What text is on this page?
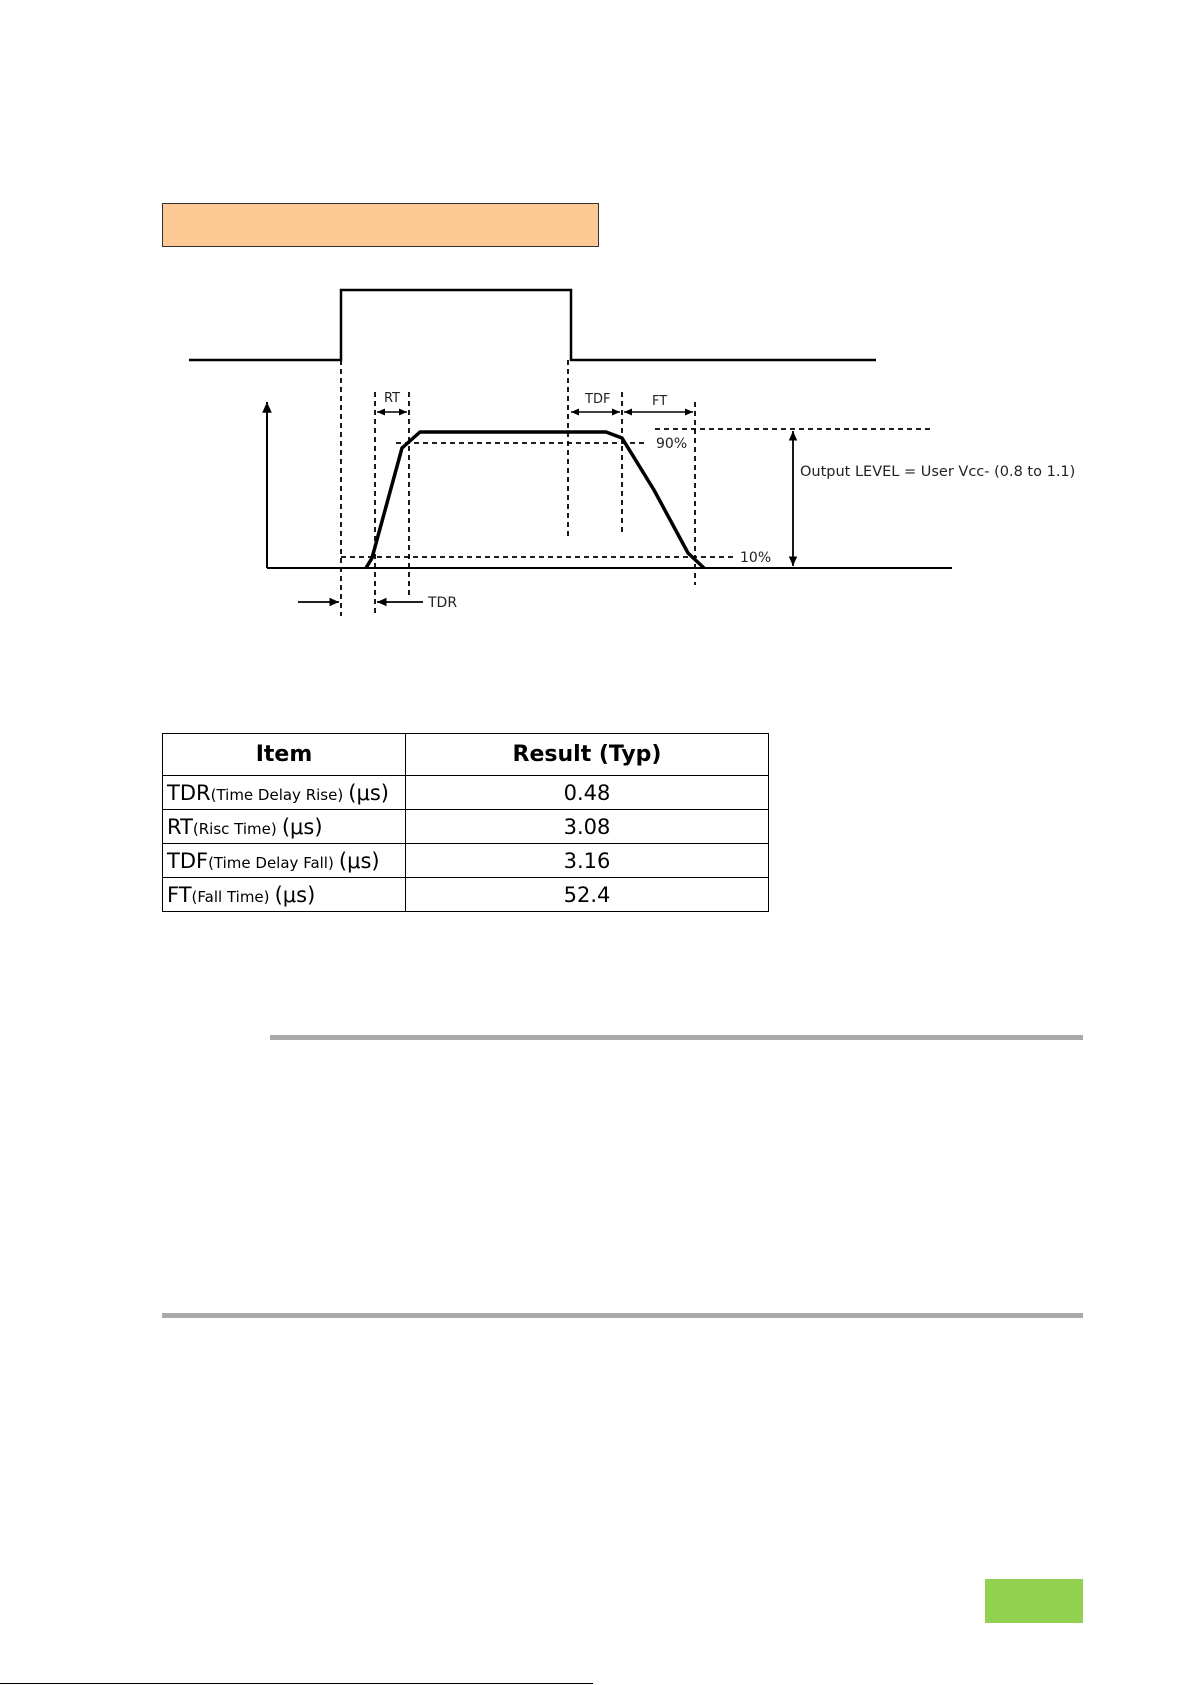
RT	TDF	FT
90%
10%
TDR
Output LEVEL = User Vcc- (0.8 to 1.1)
Item	Result (Typ)
TDR(Time Delay Rise) (μs)	0.48
RT(Risc Time) (μs)	3.08
TDF(Time Delay Fall) (μs)	3.16
FT(Fall Time) (μs)	52.4
